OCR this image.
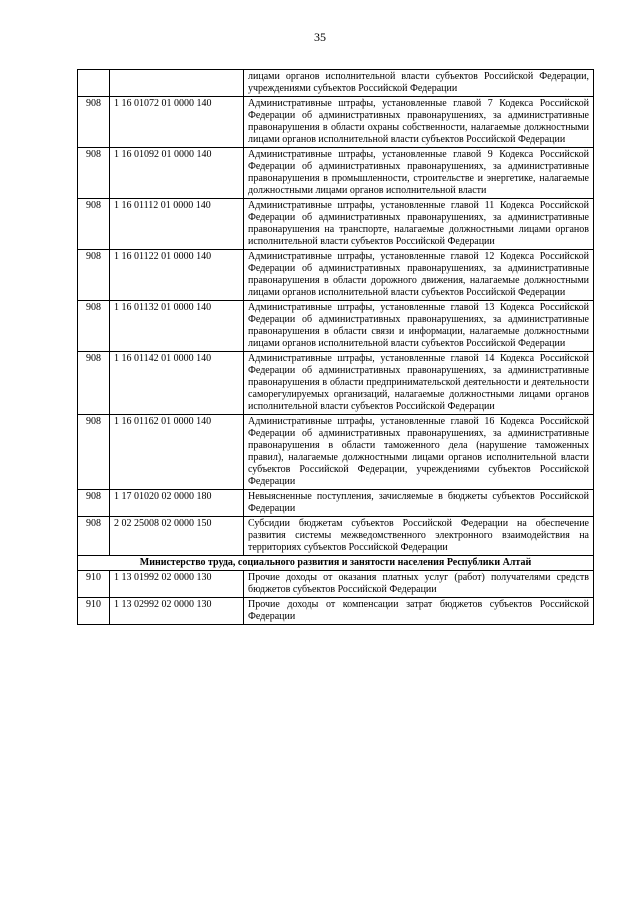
35
		лицами органов исполнительной власти субъектов Российской Федерации, учреждениями субъектов Российской Федерации
908	1 16 01072 01 0000 140	Административные штрафы, установленные главой 7 Кодекса Российской Федерации об административных правонарушениях, за административные правонарушения в области охраны собственности, налагаемые должностными лицами органов исполнительной власти субъектов Российской Федерации
908	1 16 01092 01 0000 140	Административные штрафы, установленные главой 9 Кодекса Российской Федерации об административных правонарушениях, за административные правонарушения в промышленности, строительстве и энергетике, налагаемые должностными лицами органов исполнительной власти
908	1 16 01112 01 0000 140	Административные штрафы, установленные главой 11 Кодекса Российской Федерации об административных правонарушениях, за административные правонарушения на транспорте, налагаемые должностными лицами органов исполнительной власти субъектов Российской Федерации
908	1 16 01122 01 0000 140	Административные штрафы, установленные главой 12 Кодекса Российской Федерации об административных правонарушениях, за административные правонарушения в области дорожного движения, налагаемые должностными лицами органов исполнительной власти субъектов Российской Федерации
908	1 16 01132 01 0000 140	Административные штрафы, установленные главой 13 Кодекса Российской Федерации об административных правонарушениях, за административные правонарушения в области связи и информации, налагаемые должностными лицами органов исполнительной власти субъектов Российской Федерации
908	1 16 01142 01 0000 140	Административные штрафы, установленные главой 14 Кодекса Российской Федерации об административных правонарушениях, за административные правонарушения в области предпринимательской деятельности и деятельности саморегулируемых организаций, налагаемые должностными лицами органов исполнительной власти субъектов Российской Федерации
908	1 16 01162 01 0000 140	Административные штрафы, установленные главой 16 Кодекса Российской Федерации об административных правонарушениях, за административные правонарушения в области таможенного дела (нарушение таможенных правил), налагаемые должностными лицами органов исполнительной власти субъектов Российской Федерации, учреждениями субъектов Российской Федерации
908	1 17 01020 02 0000 180	Невыясненные поступления, зачисляемые в бюджеты субъектов Российской Федерации
908	2 02 25008 02 0000 150	Субсидии бюджетам субъектов Российской Федерации на обеспечение развития системы межведомственного электронного взаимодействия на территориях субъектов Российской Федерации
Министерство труда, социального развития и занятости населения Республики Алтай		
910	1 13 01992 02 0000 130	Прочие доходы от оказания платных услуг (работ) получателями средств бюджетов субъектов Российской Федерации
910	1 13 02992 02 0000 130	Прочие доходы от компенсации затрат бюджетов субъектов Российской Федерации
